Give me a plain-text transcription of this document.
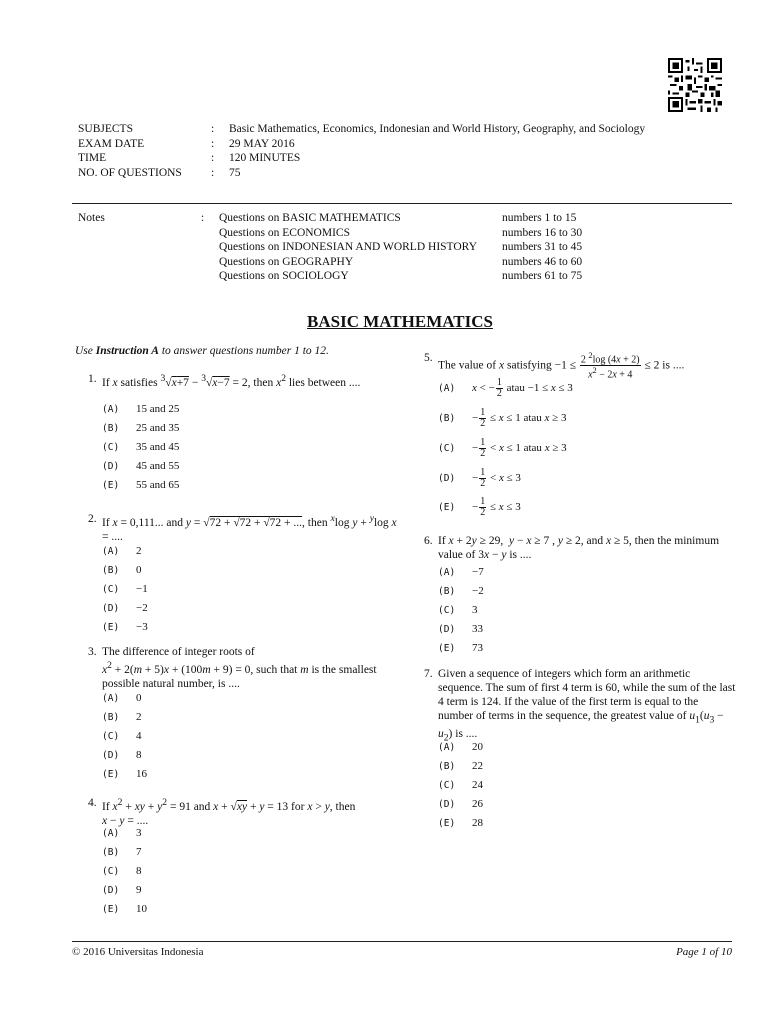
SUBJECTS	:	Basic Mathematics, Economics, Indonesian and World History, Geography, and Sociology
EXAM DATE	:	29 MAY 2016
TIME	:	120 MINUTES
NO. OF QUESTIONS	:	75
Notes	:	Questions on BASIC MATHEMATICS	numbers 1 to 15
Questions on ECONOMICS	numbers 16 to 30
Questions on INDONESIAN AND WORLD HISTORY	numbers 31 to 45
Questions on GEOGRAPHY	numbers 46 to 60
Questions on SOCIOLOGY	numbers 61 to 75
BASIC MATHEMATICS
Use Instruction A to answer questions number 1 to 12.
1. If x satisfies $^3$√x+7 − $^3$√x−7 = 2, then $x^2$ lies between ....
(A) 15 and 25
(B) 25 and 35
(C) 35 and 45
(D) 45 and 55
(E) 55 and 65
2. If x = 0,111... and y = √72 + √72 + √72 + ..., then $^x$log y + $^y$log x = ....
(A) 2
(B) 0
(C) −1
(D) −2
(E) −3
3. The difference of integer roots of
$x^2 + 2(m + 5)x + (100m + 9) = 0$, such that m is the smallest possible natural number, is ....
(A) 0
(B) 2
(C) 4
(D) 8
(E) 16
4. If $x^2$ + xy + $y^2 = 91$ and x + √xy + y = 13 for x > y, then
x − y = ....
(A) 3
(B) 7
(C) 8
(D) 9
(E) 10
5.
The value of x satisfying $-1 \le \frac{2 ^2\log (4x + 2)}{x^2 - 2x + 4} \le 2$ is ....
(A) x < − $\frac{1}{2}$ atau −1 ≤ x ≤ 3
$(B) - \frac{1}{2} \le x \le 1$ atau x ≥ 3
$(C) - \frac{1}{2} < x \le 1$ atau x ≥ 3
$(D) - \frac{1}{2} < x \le 3$
$(E) - \frac{1}{2} \le x \le 3$
6. If x + 2y ≥ 29,  y − x ≥ 7 , y ≥ 2, and x ≥ 5, then the minimum value of 3x − y is ....
(A) −7
(B) −2
(C) 3
(D) 33
(E) 73
7. Given a sequence of integers which form an arithmetic sequence. The sum of first 4 term is 60, while the sum of the last 4 term is 124. If the value of the first term is equal to the number of terms in the sequence, the greatest value of $u_1(u_3 - u_2)$ is ....
(A) 20
(B) 22
(C) 24
(D) 26
(E) 28
© 2016 Universitas Indonesia	Page 1 of 10
